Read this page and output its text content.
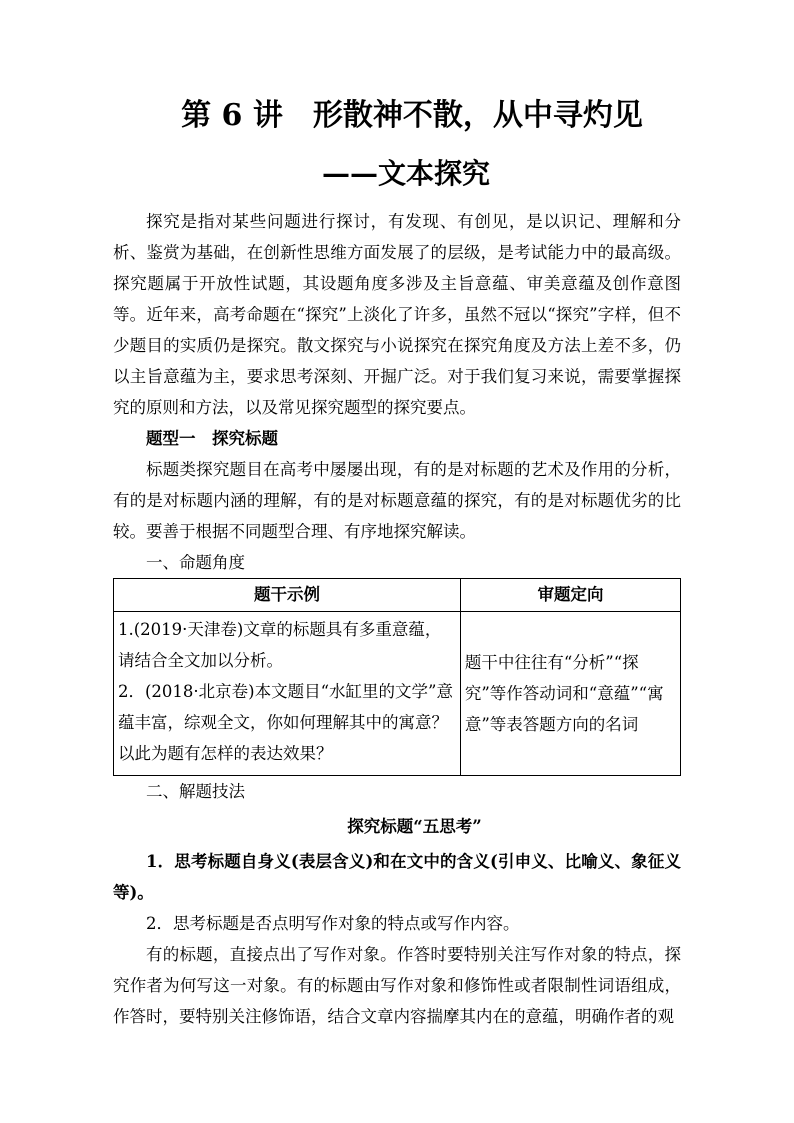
第 6 讲　形散神不散，从中寻灼见
——文本探究

探究是指对某些问题进行探讨，有发现、有创见，是以识记、理解和分析、鉴赏为基础，在创新性思维方面发展了的层级，是考试能力中的最高级。探究题属于开放性试题，其设题角度多涉及主旨意蕴、审美意蕴及创作意图等。近年来，高考命题在“探究”上淡化了许多，虽然不冠以“探究”字样，但不少题目的实质仍是探究。散文探究与小说探究在探究角度及方法上差不多，仍以主旨意蕴为主，要求思考深刻、开掘广泛。对于我们复习来说，需要掌握探究的原则和方法，以及常见探究题型的探究要点。

题型一　探究标题

标题类探究题目在高考中屡屡出现，有的是对标题的艺术及作用的分析，有的是对标题内涵的理解，有的是对标题意蕴的探究，有的是对标题优劣的比较。要善于根据不同题型合理、有序地探究解读。

一、命题角度

题干示例	审题定向

1.(2019·天津卷)文章的标题具有多重意蕴，请结合全文加以分析。

2．(2018·北京卷)本文题目“水缸里的文学”意蕴丰富，综观全文，你如何理解其中的寓意？以此为题有怎样的表达效果？	题干中往往有“分析”“探究”等作答动词和“意蕴”“寓意”等表答题方向的名词

二、解题技法

探究标题“五思考”

1．思考标题自身义(表层含义)和在文中的含义(引申义、比喻义、象征义等)。

2．思考标题是否点明写作对象的特点或写作内容。

有的标题，直接点出了写作对象。作答时要特别关注写作对象的特点，探究作者为何写这一对象。有的标题由写作对象和修饰性或者限制性词语组成，作答时，要特别关注修饰语，结合文章内容揣摩其内在的意蕴，明确作者的观
